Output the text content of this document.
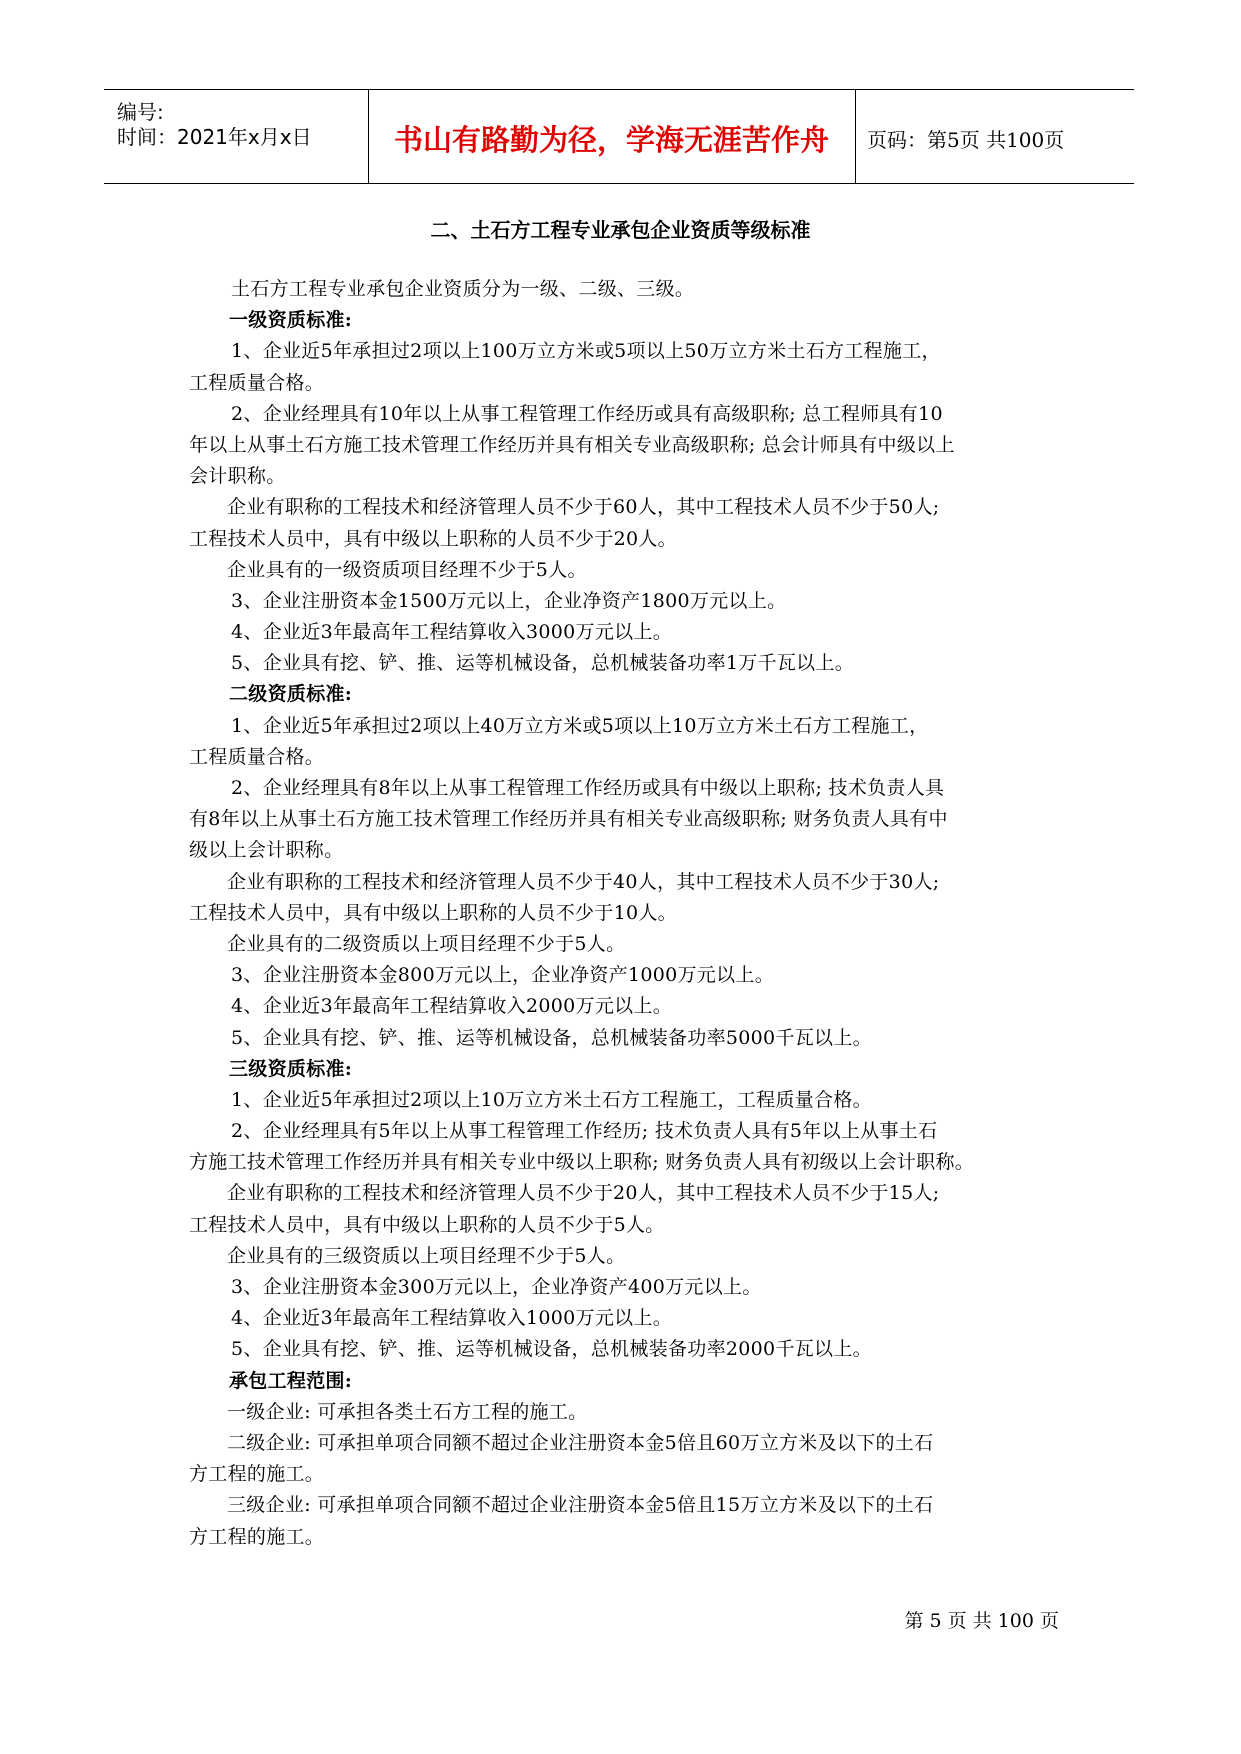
编号:
时间：2021年x月x日	书山有路勤为径，学海无涯苦作舟	页码：第5页 共100页
二、土石方工程专业承包企业资质等级标准
土石方工程专业承包企业资质分为一级、二级、三级。
一级资质标准:
1、企业近5年承担过2项以上100万立方米或5项以上50万立方米土石方工程施工，
工程质量合格。
2、企业经理具有10年以上从事工程管理工作经历或具有高级职称; 总工程师具有10
年以上从事土石方施工技术管理工作经历并具有相关专业高级职称; 总会计师具有中级以上
会计职称。
企业有职称的工程技术和经济管理人员不少于60人，其中工程技术人员不少于50人;
工程技术人员中，具有中级以上职称的人员不少于20人。
企业具有的一级资质项目经理不少于5人。
3、企业注册资本金1500万元以上，企业净资产1800万元以上。
4、企业近3年最高年工程结算收入3000万元以上。
5、企业具有挖、铲、推、运等机械设备，总机械装备功率1万千瓦以上。
二级资质标准:
1、企业近5年承担过2项以上40万立方米或5项以上10万立方米土石方工程施工，
工程质量合格。
2、企业经理具有8年以上从事工程管理工作经历或具有中级以上职称; 技术负责人具
有8年以上从事土石方施工技术管理工作经历并具有相关专业高级职称; 财务负责人具有中
级以上会计职称。
企业有职称的工程技术和经济管理人员不少于40人，其中工程技术人员不少于30人;
工程技术人员中，具有中级以上职称的人员不少于10人。
企业具有的二级资质以上项目经理不少于5人。
3、企业注册资本金800万元以上，企业净资产1000万元以上。
4、企业近3年最高年工程结算收入2000万元以上。
5、企业具有挖、铲、推、运等机械设备，总机械装备功率5000千瓦以上。
三级资质标准:
1、企业近5年承担过2项以上10万立方米土石方工程施工，工程质量合格。
2、企业经理具有5年以上从事工程管理工作经历; 技术负责人具有5年以上从事土石
方施工技术管理工作经历并具有相关专业中级以上职称; 财务负责人具有初级以上会计职称。
企业有职称的工程技术和经济管理人员不少于20人，其中工程技术人员不少于15人;
工程技术人员中，具有中级以上职称的人员不少于5人。
企业具有的三级资质以上项目经理不少于5人。
3、企业注册资本金300万元以上，企业净资产400万元以上。
4、企业近3年最高年工程结算收入1000万元以上。
5、企业具有挖、铲、推、运等机械设备，总机械装备功率2000千瓦以上。
承包工程范围:
一级企业: 可承担各类土石方工程的施工。
二级企业: 可承担单项合同额不超过企业注册资本金5倍且60万立方米及以下的土石
方工程的施工。
三级企业: 可承担单项合同额不超过企业注册资本金5倍且15万立方米及以下的土石
方工程的施工。
第 5 页 共 100 页
